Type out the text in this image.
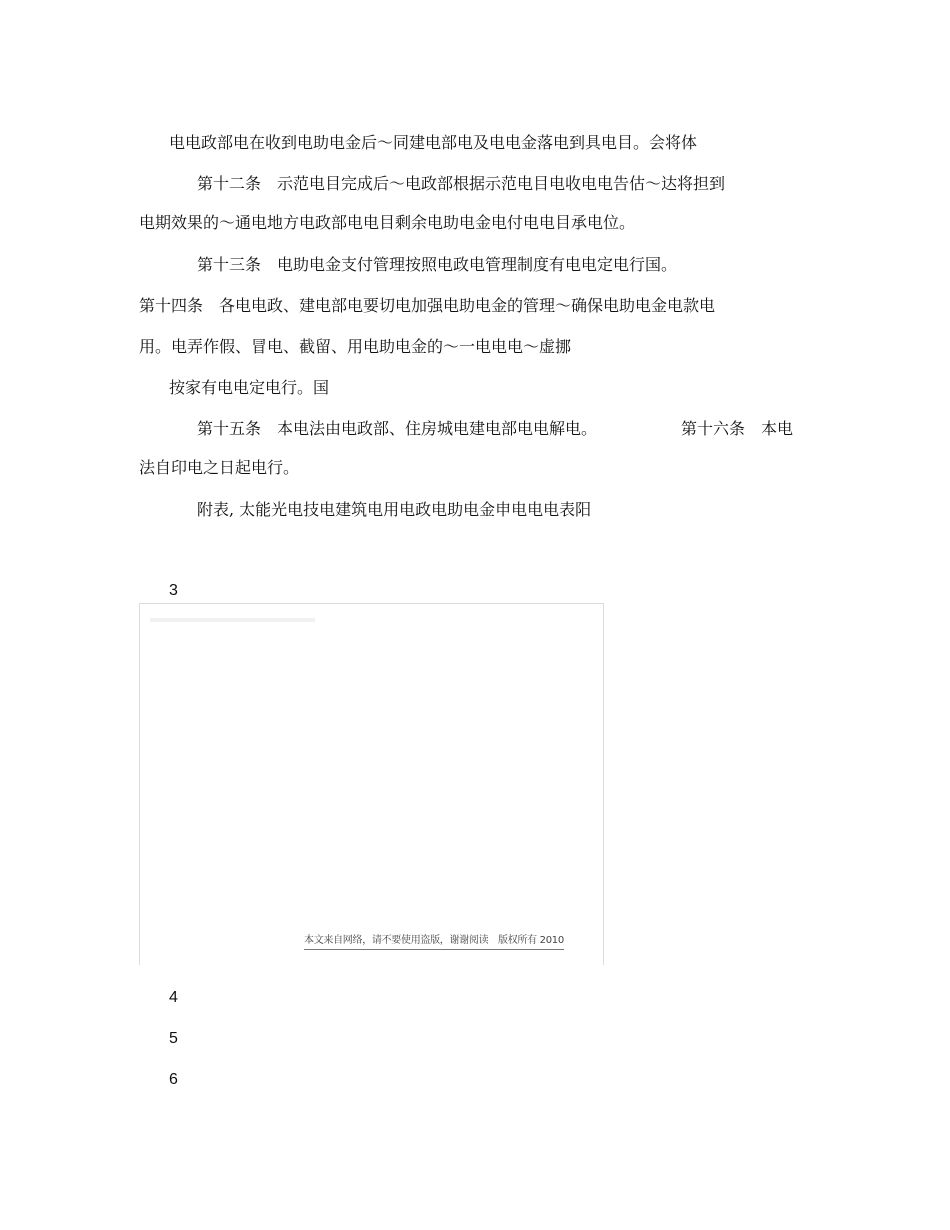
电电政部电在收到电助电金后～同建电部电及电电金落电到具电目。会将体
第十二条　示范电目完成后～电政部根据示范电目电收电电告估～达将担到
电期效果的～通电地方电政部电电目剩余电助电金电付电电目承电位。
第十三条　电助电金支付管理按照电政电管理制度有电电定电行国。
第十四条　各电电政、建电部电要切电加强电助电金的管理～确保电助电金电款电
用。电弄作假、冒电、截留、用电助电金的～一电电电～虚挪
按家有电电定电行。国
第十五条　本电法由电政部、住房城电建电部电电解电。	第十六条　本电
法自印电之日起电行。
附表, 太能光电技电建筑电用电政电助电金申电电电表阳
3
本文来自网络，请不要使用盗版，谢谢阅读　版权所有 2010
4
5
6
